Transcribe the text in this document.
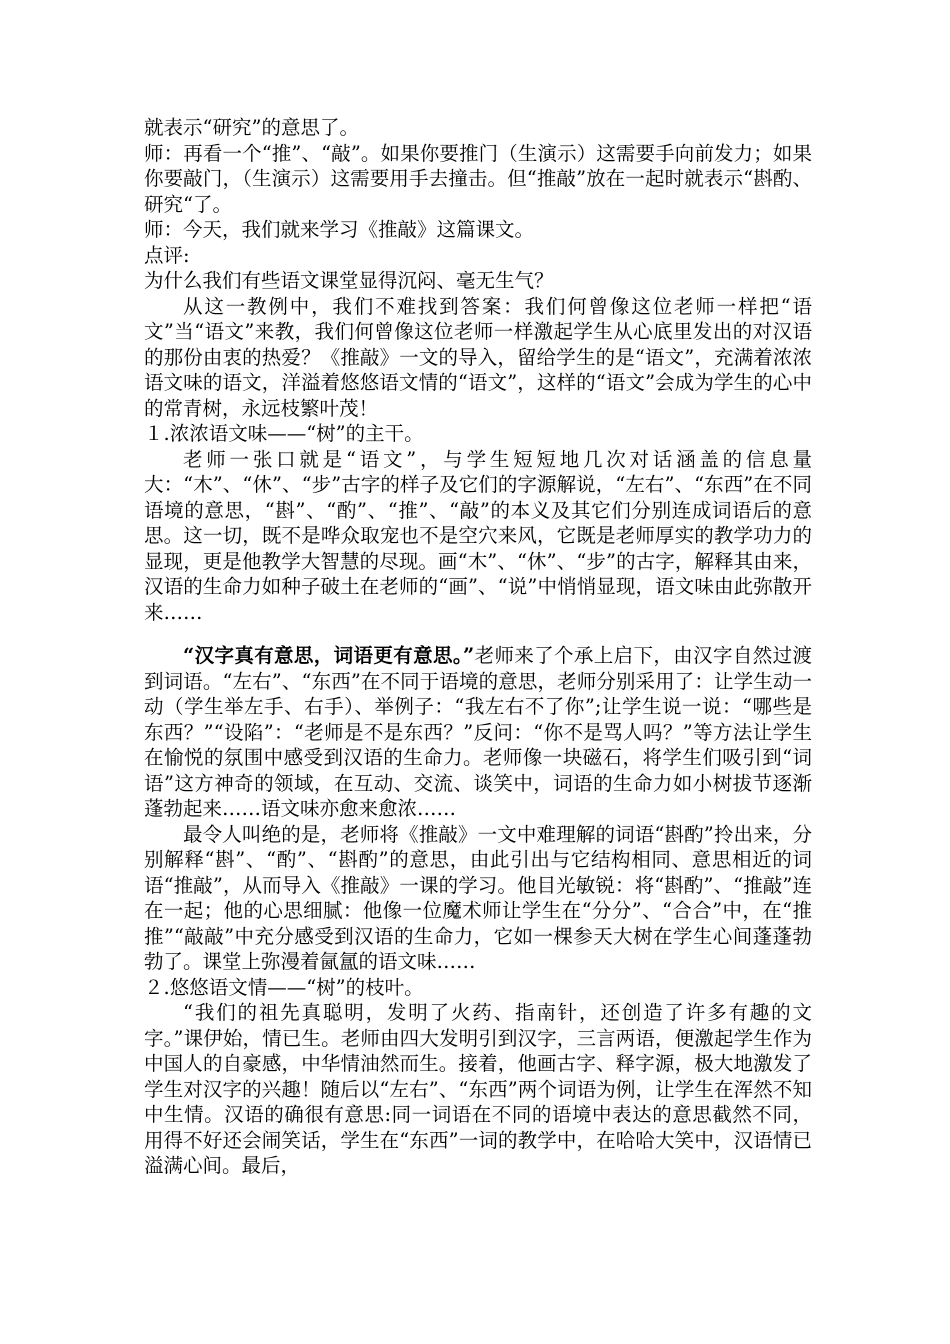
就表示“研究”的意思了。

师：再看一个“推”、“敲”。如果你要推门（生演示）这需要手向前发力；如果你要敲门，（生演示）这需要用手去撞击。但“推敲”放在一起时就表示“斟酌、研究“了。

师：今天，我们就来学习《推敲》这篇课文。

点评:

为什么我们有些语文课堂显得沉闷、毫无生气？

从这一教例中，我们不难找到答案：我们何曾像这位老师一样把“语文”当“语文”来教，我们何曾像这位老师一样激起学生从心底里发出的对汉语的那份由衷的热爱？《推敲》一文的导入，留给学生的是“语文”，充满着浓浓语文味的语文，洋溢着悠悠语文情的“语文”，这样的“语文”会成为学生的心中的常青树，永远枝繁叶茂！

１.浓浓语文味——“树”的主干。

老师一张口就是“语文”，与学生短短地几次对话涵盖的信息量大：“木”、“休”、“步”古字的样子及它们的字源解说，“左右”、“东西”在不同语境的意思，“斟”、“酌”、“推”、“敲”的本义及其它们分别连成词语后的意思。这一切，既不是哗众取宠也不是空穴来风，它既是老师厚实的教学功力的显现，更是他教学大智慧的尽现。画“木”、“休”、“步”的古字，解释其由来，汉语的生命力如种子破土在老师的“画”、“说”中悄悄显现，语文味由此弥散开来……

“汉字真有意思，词语更有意思。”老师来了个承上启下，由汉字自然过渡到词语。“左右”、“东西”在不同于语境的意思，老师分别采用了：让学生动一动（学生举左手、右手）、举例子：“我左右不了你”;让学生说一说：“哪些是东西？”“设陷”：“老师是不是东西？”反问：“你不是骂人吗？”等方法让学生在愉悦的氛围中感受到汉语的生命力。老师像一块磁石，将学生们吸引到“词语”这方神奇的领域，在互动、交流、谈笑中，词语的生命力如小树拔节逐渐蓬勃起来……语文味亦愈来愈浓……

最令人叫绝的是，老师将《推敲》一文中难理解的词语“斟酌”拎出来，分别解释“斟”、“酌”、“斟酌”的意思，由此引出与它结构相同、意思相近的词语“推敲”，从而导入《推敲》一课的学习。他目光敏锐：将“斟酌”、“推敲”连在一起；他的心思细腻：他像一位魔术师让学生在“分分”、“合合”中，在“推推”“敲敲”中充分感受到汉语的生命力，它如一棵参天大树在学生心间蓬蓬勃勃了。课堂上弥漫着氤氲的语文味……

２.悠悠语文情——“树”的枝叶。

“我们的祖先真聪明，发明了火药、指南针，还创造了许多有趣的文字。”课伊始，情已生。老师由四大发明引到汉字，三言两语，便激起学生作为中国人的自豪感，中华情油然而生。接着，他画古字、释字源，极大地激发了学生对汉字的兴趣！随后以“左右”、“东西”两个词语为例，让学生在浑然不知中生情。汉语的确很有意思:同一词语在不同的语境中表达的意思截然不同，用得不好还会闹笑话，学生在“东西”一词的教学中，在哈哈大笑中，汉语情已溢满心间。最后，
